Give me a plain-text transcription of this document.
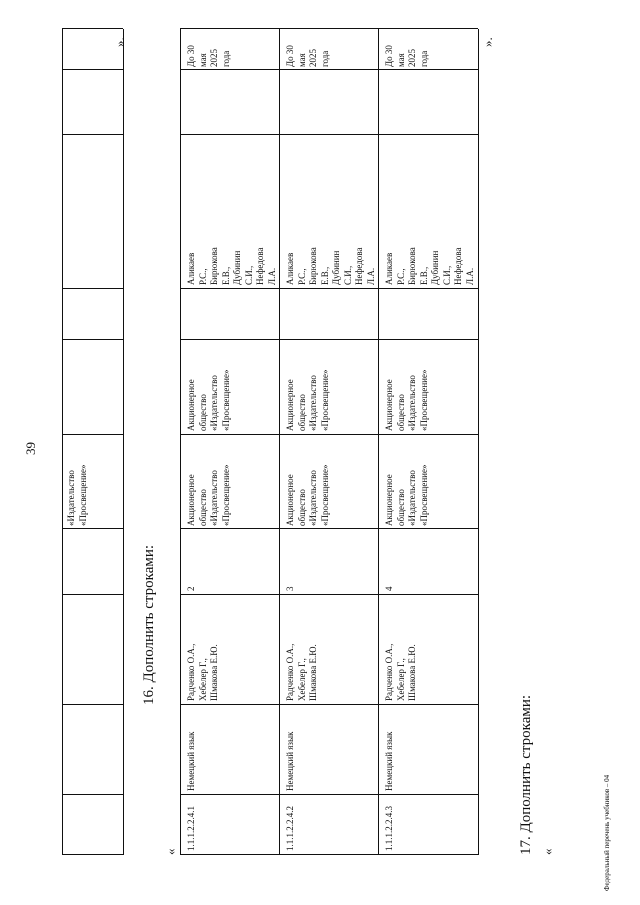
39
«Издательство «Просвещение»
».
16. Дополнить строками:
«
1.1.1.2.2.4.1
Немецкий язык
Радченко О.А., Хебелер Г., Шмакова Е.Ю.
2
Акционерное общество «Издательство «Просвещение»
Акционерное общество «Издательство «Просвещение»
Аликаев Р.С., Бирюкова Е.В., Дубинин С.И., Нефедова Л.А.
До 30 мая 2025 года
1.1.1.2.2.4.2
Немецкий язык
Радченко О.А., Хебелер Г., Шмакова Е.Ю.
3
Акционерное общество «Издательство «Просвещение»
Акционерное общество «Издательство «Просвещение»
Аликаев Р.С., Бирюкова Е.В., Дубинин С.И., Нефедова Л.А.
До 30 мая 2025 года
1.1.1.2.2.4.3
Немецкий язык
Радченко О.А., Хебелер Г., Шмакова Е.Ю.
4
Акционерное общество «Издательство «Просвещение»
Акционерное общество «Издательство «Просвещение»
Аликаев Р.С., Бирюкова Е.В., Дубинин С.И., Нефедова Л.А.
До 30 мая 2025 года
».
17. Дополнить строками: «	Федеральный перечень учебников – 04
